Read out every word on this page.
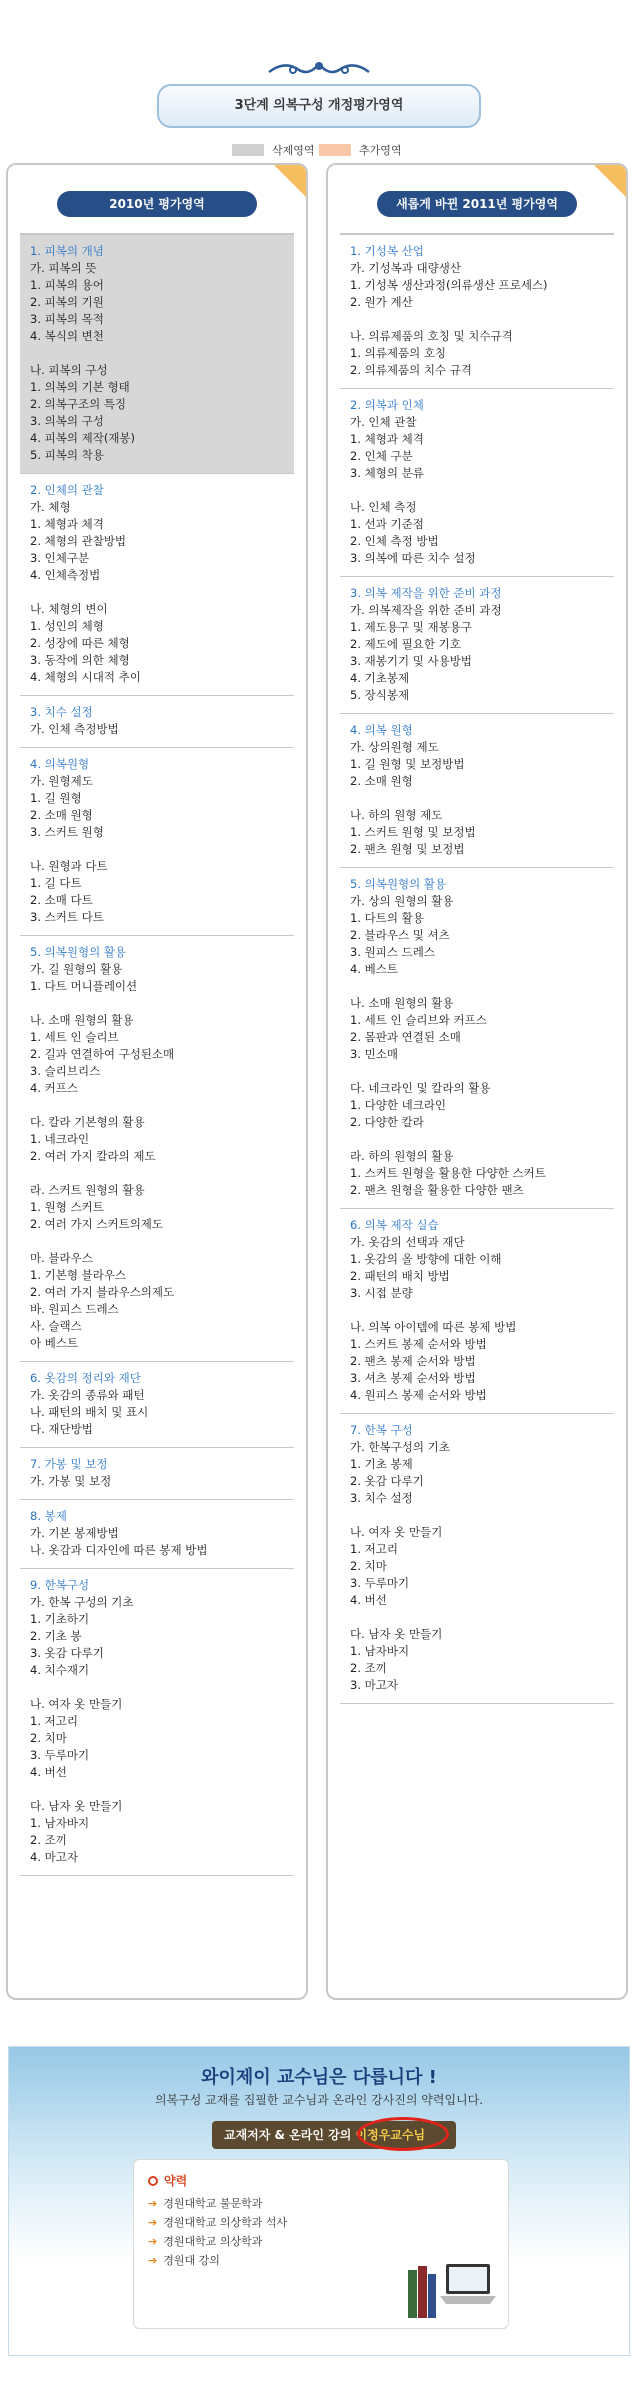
3단계 의복구성 개정평가영역
삭제영역	추가영역
2010년 평가영역
1. 피복의 개념
가. 피복의 뜻
1. 피복의 용어
2. 피복의 기원
3. 피복의 목적
4. 복식의 변천
나. 피복의 구성
1. 의복의 기본 형태
2. 의복구조의 특징
3. 의복의 구성
4. 피복의 제작(재봉)
5. 피복의 착용
2. 인체의 관찰
가. 체형
1. 체형과 체격
2. 체형의 관찰방법
3. 인체구분
4. 인체측정법
나. 체형의 변이
1. 성인의 체형
2. 성장에 따른 체형
3. 동작에 의한 체형
4. 체형의 시대적 추이
3. 치수 설정
가. 인체 측정방법
4. 의복원형
가. 원형제도
1. 길 원형
2. 소매 원형
3. 스커트 원형
나. 원형과 다트
1. 길 다트
2. 소매 다트
3. 스커트 다트
5. 의복원형의 활용
가. 길 원형의 활용
1. 다트 머니플레이션
나. 소매 원형의 활용
1. 세트 인 슬리브
2. 길과 연결하여 구성된소매
3. 슬리브리스
4. 커프스
다. 칼라 기본형의 활용
1. 네크라인
2. 여러 가지 칼라의 제도
라. 스커트 원형의 활용
1. 원형 스커트
2. 여러 가지 스커트의제도
마. 블라우스
1. 기본형 블라우스
2. 여러 가지 블라우스의제도
바. 원피스 드레스
사. 슬랙스
아 베스트
6. 옷감의 정리와 재단
가. 옷감의 종류와 패턴
나. 패턴의 배치 및 표시
다. 재단방법
7. 가봉 및 보정
가. 가봉 및 보정
8. 봉제
가. 기본 봉제방법
나. 옷감과 디자인에 따른 봉제 방법
9. 한복구성
가. 한복 구성의 기초
1. 기초하기
2. 기초 봉
3. 옷감 다루기
4. 치수재기
나. 여자 옷 만들기
1. 저고리
2. 치마
3. 두루마기
4. 버선
다. 남자 옷 만들기
1. 남자바지
2. 조끼
4. 마고자
새롭게 바뀐 2011년 평가영역
1. 기성복 산업
가. 기성복과 대량생산
1. 기성복 생산과정(의류생산 프로세스)
2. 원가 계산
나. 의류제품의 호칭 및 치수규격
1. 의류제품의 호칭
2. 의류제품의 치수 규격
2. 의복과 인체
가. 인체 관찰
1. 체형과 체격
2. 인체 구분
3. 체형의 분류
나. 인체 측정
1. 선과 기준점
2. 인체 측정 방법
3. 의복에 따른 치수 설정
3. 의복 제작을 위한 준비 과정
가. 의복제작을 위한 준비 과정
1. 제도용구 및 재봉용구
2. 제도에 필요한 기호
3. 재봉기기 및 사용방법
4. 기초봉제
5. 장식봉제
4. 의복 원형
가. 상의원형 제도
1. 길 원형 및 보정방법
2. 소매 원형
나. 하의 원형 제도
1. 스커트 원형 및 보정법
2. 팬츠 원형 및 보정법
5. 의복원형의 활용
가. 상의 원형의 활용
1. 다트의 활용
2. 블라우스 및 셔츠
3. 원피스 드레스
4. 베스트
나. 소매 원형의 활용
1. 세트 인 슬리브와 커프스
2. 몸판과 연결된 소매
3. 민소매
다. 네크라인 및 칼라의 활용
1. 다양한 네크라인
2. 다양한 칼라
라. 하의 원형의 활용
1. 스커트 원형을 활용한 다양한 스커트
2. 팬츠 원형을 활용한 다양한 팬츠
6. 의복 제작 실습
가. 옷감의 선택과 재단
1. 옷감의 올 방향에 대한 이해
2. 패턴의 배치 방법
3. 시접 분량
나. 의복 아이템에 따른 봉제 방법
1. 스커트 봉제 순서와 방법
2. 팬츠 봉제 순서와 방법
3. 셔츠 봉제 순서와 방법
4. 원피스 봉제 순서와 방법
7. 한복 구성
가. 한복구성의 기초
1. 기초 봉제
2. 옷감 다루기
3. 치수 설정
나. 여자 옷 만들기
1. 저고리
2. 치마
3. 두루마기
4. 버선
다. 남자 옷 만들기
1. 남자바지
2. 조끼
3. 마고자
와이제이 교수님은 다릅니다 !
의복구성 교재를 집필한 교수님과 온라인 강사진의 약력입니다.
교재저자 & 온라인 강의 이정우교수님
약력
➔ 경원대학교 불문학과
➔ 경원대학교 의상학과 석사
➔ 경원대학교 의상학과
➔ 경원대 강의
